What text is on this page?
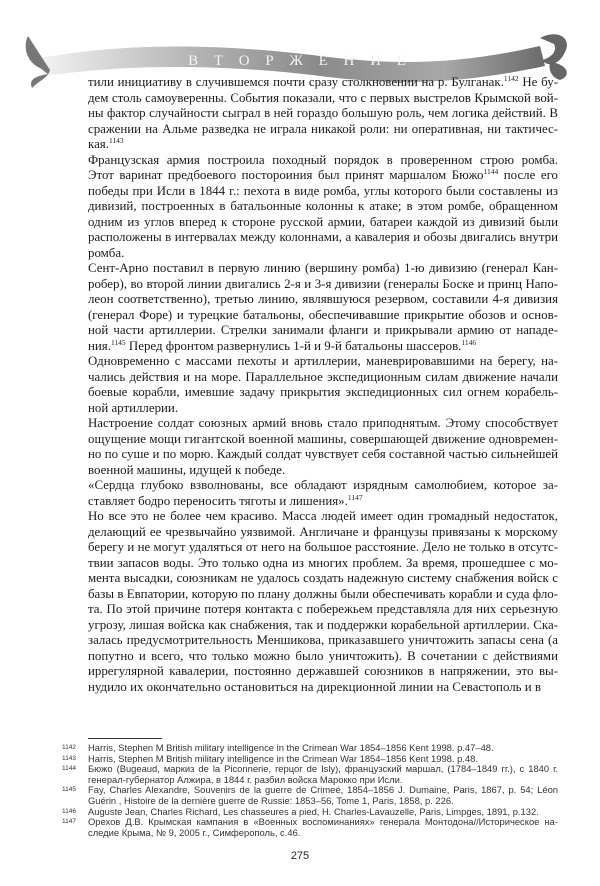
В Т О Р Ж Е Н И Е
тили инициативу в случившемся почти сразу столкновении на р. Булганак.$^{1142}$ Не бу-
дем столь самоуверенны. События показали, что с первых выстрелов Крымской вой-
ны фактор случайности сыграл в ней гораздо большую роль, чем логика действий. В
сражении на Альме разведка не играла никакой роли: ни оперативная, ни тактичес-
кая.$^{1143}$
Французская армия построила походный порядок в проверенном строю ромба.
Этот варинат предбоевого постороиния был принят маршалом Бюжо$^{1144}$ после его
победы при Исли в 1844 г.: пехота в виде ромба, углы которого были составлены из
дивизий, построенных в батальонные колонны к атаке; в этом ромбе, обращенном
одним из углов вперед к стороне русской армии, батареи каждой из дивизий были
расположены в интервалах между колоннами, а кавалерия и обозы двигались внутри
ромба.
Сент-Арно поставил в первую линию (вершину ромба) 1-ю дивизию (генерал Кан-
робер), во второй линии двигались 2-я и 3-я дивизии (генералы Боске и принц Напо-
леон соответственно), третью линию, являвшуюся резервом, составили 4-я дивизия
(генерал Форе) и турецкие батальоны, обеспечивавшие прикрытие обозов и основ-
ной части артиллерии. Стрелки занимали фланги и прикрывали армию от нападе-
ния.$^{1145}$ Перед фронтом развернулись 1-й и 9-й батальоны шассеров.$^{1146}$
Одновременно с массами пехоты и артиллерии, маневрировавшими на берегу, на-
чались действия и на море. Параллельное экспедиционным силам движение начали
боевые корабли, имевшие задачу прикрытия экспедиционных сил огнем корабель-
ной артиллерии.
Настроение солдат союзных армий вновь стало приподнятым. Этому способствует
ощущение мощи гигантской военной машины, совершающей движение одновремен-
но по суше и по морю. Каждый солдат чувствует себя составной частью сильнейшей
военной машины, идущей к победе.
«Сердца глубоко взволнованы, все обладают изрядным самолюбием, которое за-
ставляет бодро переносить тяготы и лишения».$^{1147}$
Но все это не более чем красиво. Масса людей имеет один громадный недостаток,
делающий ее чрезвычайно уязвимой. Англичане и французы привязаны к морскому
берегу и не могут удаляться от него на большое расстояние. Дело не только в отсутс-
твии запасов воды. Это только одна из многих проблем. За время, прошедшее с мо-
мента высадки, союзникам не удалось создать надежную систему снабжения войск с
базы в Евпатории, которую по плану должны были обеспечивать корабли и суда фло-
та. По этой причине потеря контакта с побережьем представляла для них серьезную
угрозу, лишая войска как снабжения, так и поддержки корабельной артиллерии. Ска-
залась предусмотрительность Меншикова, приказавшего уничтожить запасы сена (а
попутно и всего, что только можно было уничтожить). В сочетании с действиями
иррегулярной кавалерии, постоянно державшей союзников в напряжении, это вы-
нудило их окончательно остановиться на дирекционной линии на Севастополь и в
1142 Harris, Stephen M British military intelligence in the Crimean War 1854–1856 Kent 1998. p.47–48.
1143 Harris, Stephen M British military intelligence in the Crimean War 1854–1856 Kent 1998. p.48.
1144 Бюжо (Bugeaud, маркиз de la Piconnerie, герцог de Isly), французский маршал, (1784–1849 гг.), с 1840 г.
генерал-губернатор Алжира, в 1844 г. разбил войска Марокко при Исли.
1145 Fay, Charles Alexandre, Souvenirs de la guerre de Crimeé, 1854–1856 J. Dumaine, Paris, 1867, p. 54; Léon
Guérin , Histoire de la dernière guerre de Russie: 1853–56, Tome 1, Paris, 1858, p. 226.
1146 Auguste Jean, Charles Richard, Les chasseures a pied, H. Charles-Lavauzelle, Paris, Limpges, 1891, p.132.
1147 Орехов Д.В. Крымская кампания в «Военных воспоминаниях» генерала Монтодона//Историческое на-
следие Крыма, № 9, 2005 г., Симферополь, с.46.
275
